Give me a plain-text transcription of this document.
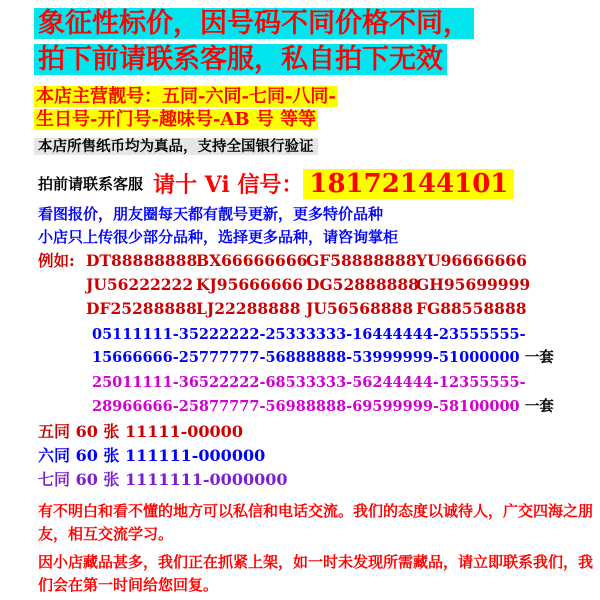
象征性标价，因号码不同价格不同，
拍下前请联系客服，私自拍下无效
本店主营靓号：五同-六同-七同-八同-
生日号-开门号-趣味号-AB 号 等等
本店所售纸币均为真品，支持全国银行验证
拍前请联系客服 请十 Vi 信号： 18172144101
看图报价，朋友圈每天都有靓号更新，更多特价品种
小店只上传很少部分品种，选择更多品种，请咨询掌柜
例如: DT88888888
BX66666666
GF58888888 YU96666666
JU56222222 KJ95666666 DG52888888
GH95699999
DF25288888 LJ22288888 JU56568888 FG88558888
05111111-35222222-25333333-16444444-23555555-
15666666-25777777-56888888-53999999-51000000 一套
25011111-36522222-68533333-56244444-12355555-
28966666-25877777-56988888-69599999-58100000 一套
五同 60 张 11111-00000
六同 60 张 111111-000000
七同 60 张 1111111-0000000
有不明白和看不懂的地方可以私信和电话交流。我们的态度以诚待人，广交四海之朋友，相互交流学习。
因小店藏品甚多，我们正在抓紧上架，如一时未发现所需藏品，请立即联系我们，我们会在第一时间给您回复。
